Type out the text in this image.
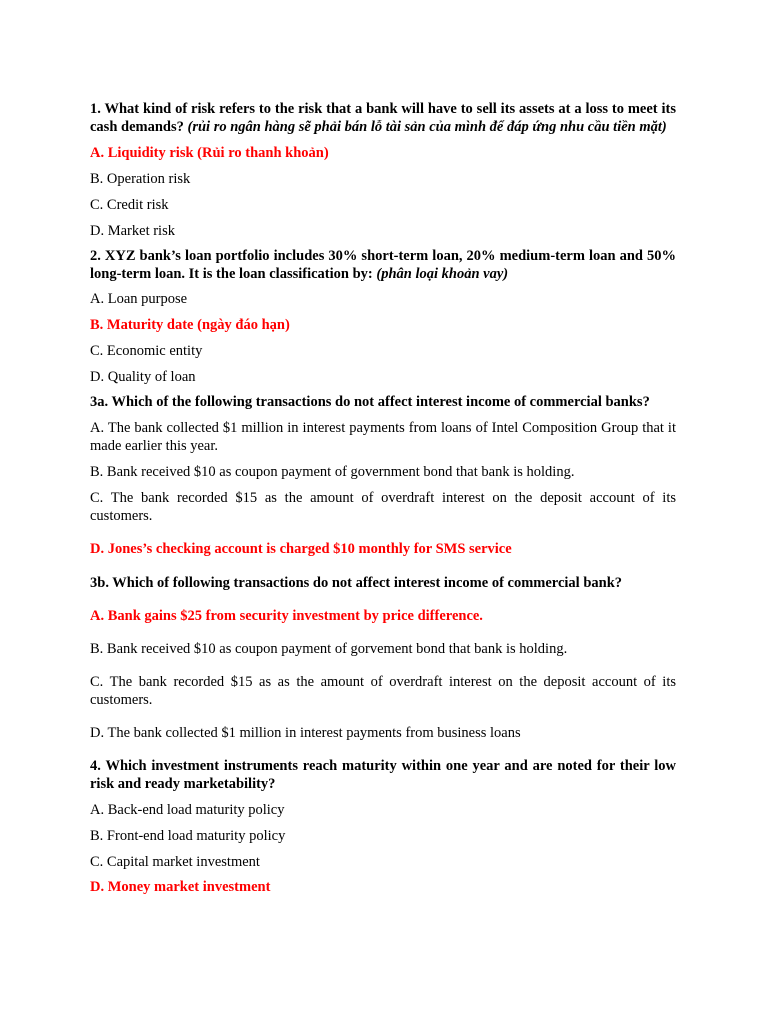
1. What kind of risk refers to the risk that a bank will have to sell its assets at a loss to meet its cash demands? (rủi ro ngân hàng sẽ phải bán lỗ tài sản của mình để đáp ứng nhu cầu tiền mặt)

A. Liquidity risk (Rủi ro thanh khoản)

B. Operation risk

C. Credit risk

D. Market risk

2. XYZ bank’s loan portfolio includes 30% short-term loan, 20% medium-term loan and 50% long-term loan. It is the loan classification by: (phân loại khoản vay)

A. Loan purpose

B. Maturity date (ngày đáo hạn)

C. Economic entity

D. Quality of loan

3a. Which of the following transactions do not affect interest income of commercial banks?

A. The bank collected $1 million in interest payments from loans of Intel Composition Group that it made earlier this year.

B. Bank received $10 as coupon payment of government bond that bank is holding.

C. The bank recorded $15 as the amount of overdraft interest on the deposit account of its customers.

D. Jones’s checking account is charged $10 monthly for SMS service

3b. Which of following transactions do not affect interest income of commercial bank?

A. Bank gains $25 from security investment by price difference.

B. Bank received $10 as coupon payment of gorvement bond that bank is holding.

C. The bank recorded $15 as as the amount of overdraft interest on the deposit account of its customers.

D. The bank collected $1 million in interest payments from business loans

4. Which investment instruments reach maturity within one year and are noted for their low risk and ready marketability?

A. Back-end load maturity policy

B. Front-end load maturity policy

C. Capital market investment

D. Money market investment
